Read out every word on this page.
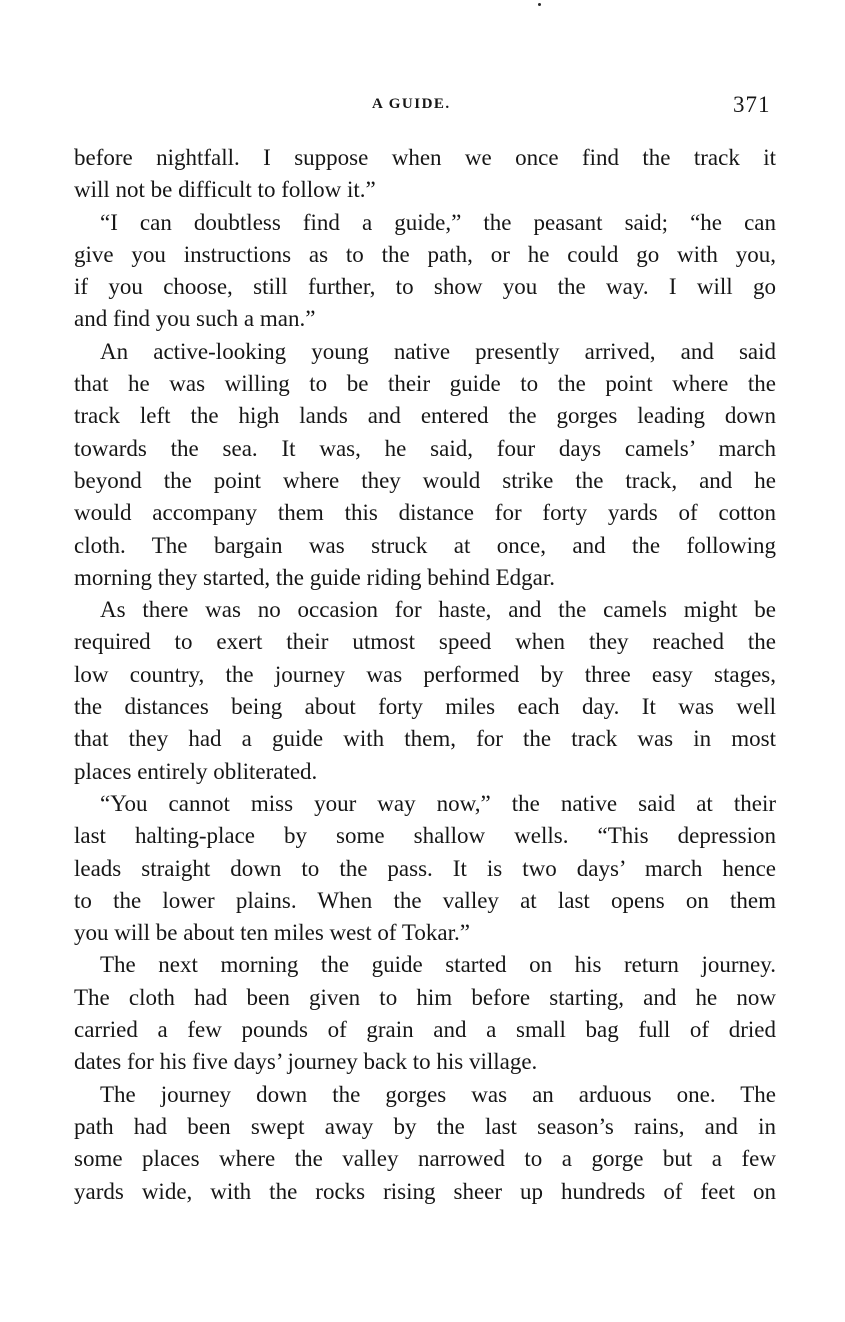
A GUIDE.	371
before nightfall. I suppose when we once find the track it
will not be difficult to follow it.”
“I can doubtless find a guide,” the peasant said; “he can
give you instructions as to the path, or he could go with you,
if you choose, still further, to show you the way. I will go
and find you such a man.”
An active-looking young native presently arrived, and said
that he was willing to be their guide to the point where the
track left the high lands and entered the gorges leading down
towards the sea. It was, he said, four days camels’ march
beyond the point where they would strike the track, and he
would accompany them this distance for forty yards of cotton
cloth. The bargain was struck at once, and the following
morning they started, the guide riding behind Edgar.
As there was no occasion for haste, and the camels might be
required to exert their utmost speed when they reached the
low country, the journey was performed by three easy stages,
the distances being about forty miles each day. It was well
that they had a guide with them, for the track was in most
places entirely obliterated.
“You cannot miss your way now,” the native said at their
last halting-place by some shallow wells. “This depression
leads straight down to the pass. It is two days’ march hence
to the lower plains. When the valley at last opens on them
you will be about ten miles west of Tokar.”
The next morning the guide started on his return journey.
The cloth had been given to him before starting, and he now
carried a few pounds of grain and a small bag full of dried
dates for his five days’ journey back to his village.
The journey down the gorges was an arduous one. The
path had been swept away by the last season’s rains, and in
some places where the valley narrowed to a gorge but a few
yards wide, with the rocks rising sheer up hundreds of feet on
